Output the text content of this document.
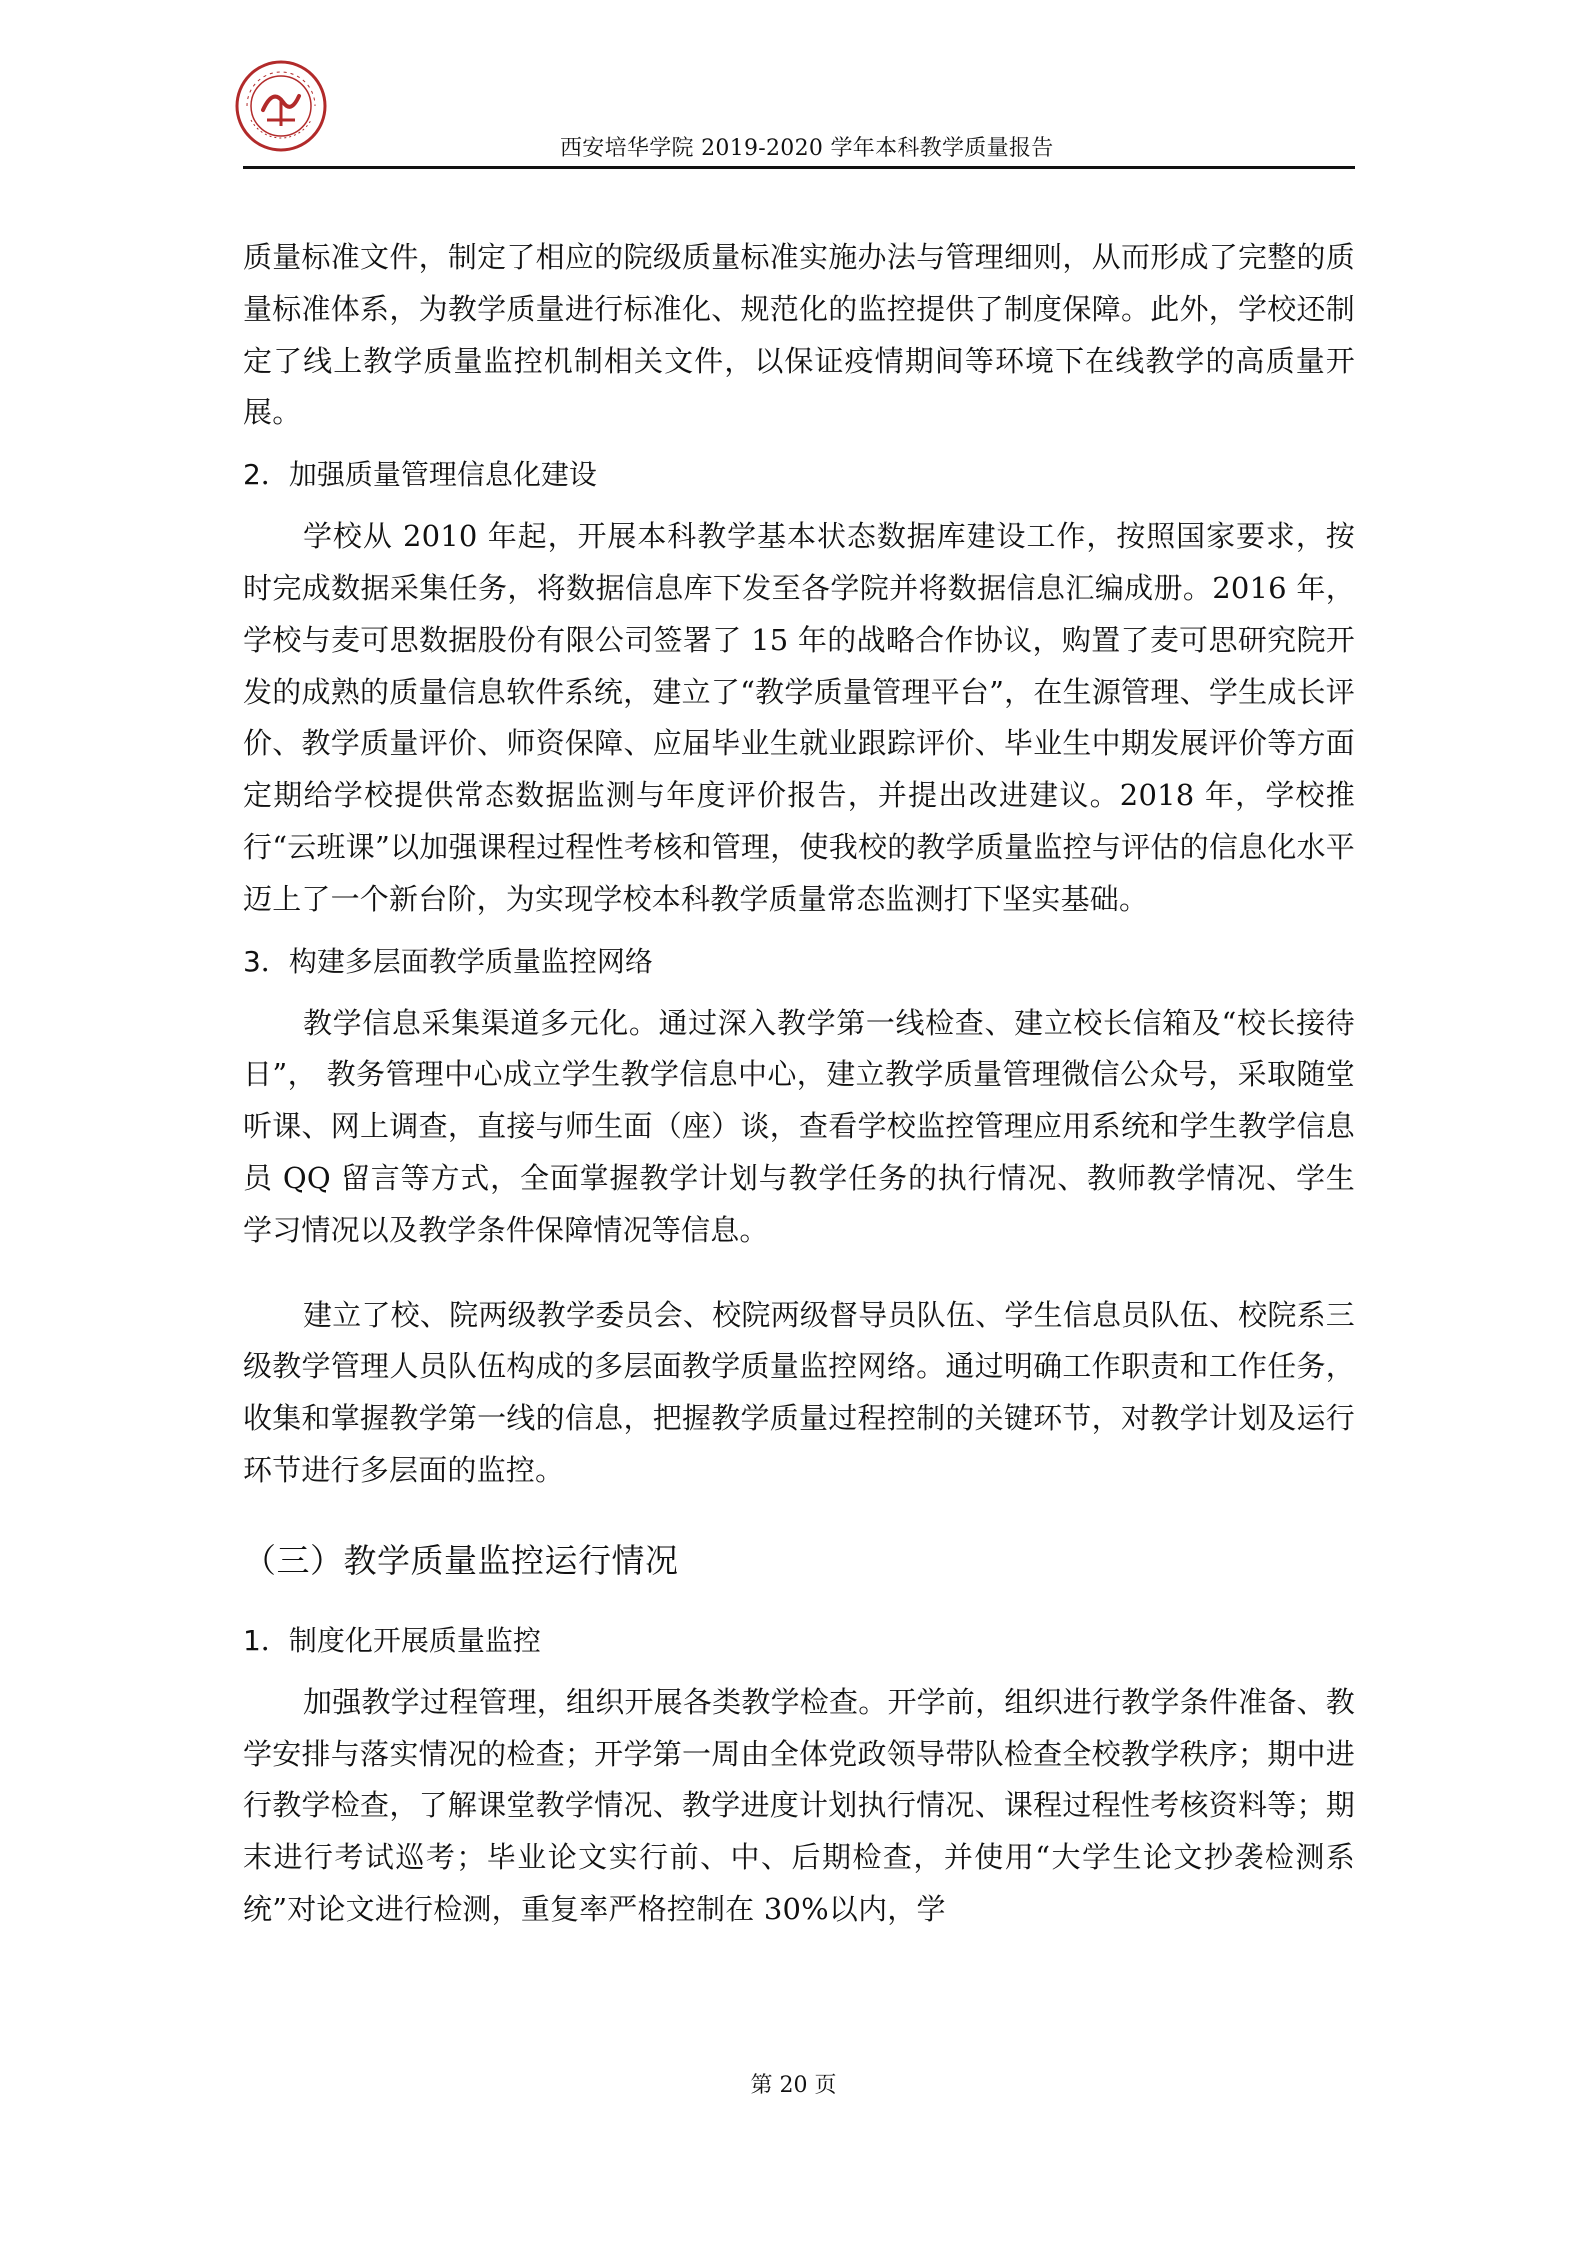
西安培华学院 2019-2020 学年本科教学质量报告

质量标准文件，制定了相应的院级质量标准实施办法与管理细则，从而形成了完整的质量标准体系，为教学质量进行标准化、规范化的监控提供了制度保障。此外，学校还制定了线上教学质量监控机制相关文件，以保证疫情期间等环境下在线教学的高质量开展。

2．加强质量管理信息化建设

学校从 2010 年起，开展本科教学基本状态数据库建设工作，按照国家要求，按时完成数据采集任务，将数据信息库下发至各学院并将数据信息汇编成册。2016 年，学校与麦可思数据股份有限公司签署了 15 年的战略合作协议，购置了麦可思研究院开发的成熟的质量信息软件系统，建立了“教学质量管理平台”，在生源管理、学生成长评价、教学质量评价、师资保障、应届毕业生就业跟踪评价、毕业生中期发展评价等方面定期给学校提供常态数据监测与年度评价报告，并提出改进建议。2018 年，学校推行“云班课”以加强课程过程性考核和管理，使我校的教学质量监控与评估的信息化水平迈上了一个新台阶，为实现学校本科教学质量常态监测打下坚实基础。

3．构建多层面教学质量监控网络

教学信息采集渠道多元化。通过深入教学第一线检查、建立校长信箱及“校长接待日”， 教务管理中心成立学生教学信息中心，建立教学质量管理微信公众号，采取随堂听课、网上调查，直接与师生面（座）谈，查看学校监控管理应用系统和学生教学信息员 QQ 留言等方式，全面掌握教学计划与教学任务的执行情况、教师教学情况、学生学习情况以及教学条件保障情况等信息。

建立了校、院两级教学委员会、校院两级督导员队伍、学生信息员队伍、校院系三级教学管理人员队伍构成的多层面教学质量监控网络。通过明确工作职责和工作任务，收集和掌握教学第一线的信息，把握教学质量过程控制的关键环节，对教学计划及运行环节进行多层面的监控。

（三）教学质量监控运行情况
1．制度化开展质量监控

加强教学过程管理，组织开展各类教学检查。开学前，组织进行教学条件准备、教学安排与落实情况的检查；开学第一周由全体党政领导带队检查全校教学秩序；期中进行教学检查，了解课堂教学情况、教学进度计划执行情况、课程过程性考核资料等；期末进行考试巡考；毕业论文实行前、中、后期检查，并使用“大学生论文抄袭检测系统”对论文进行检测，重复率严格控制在 30%以内，学

第 20 页
